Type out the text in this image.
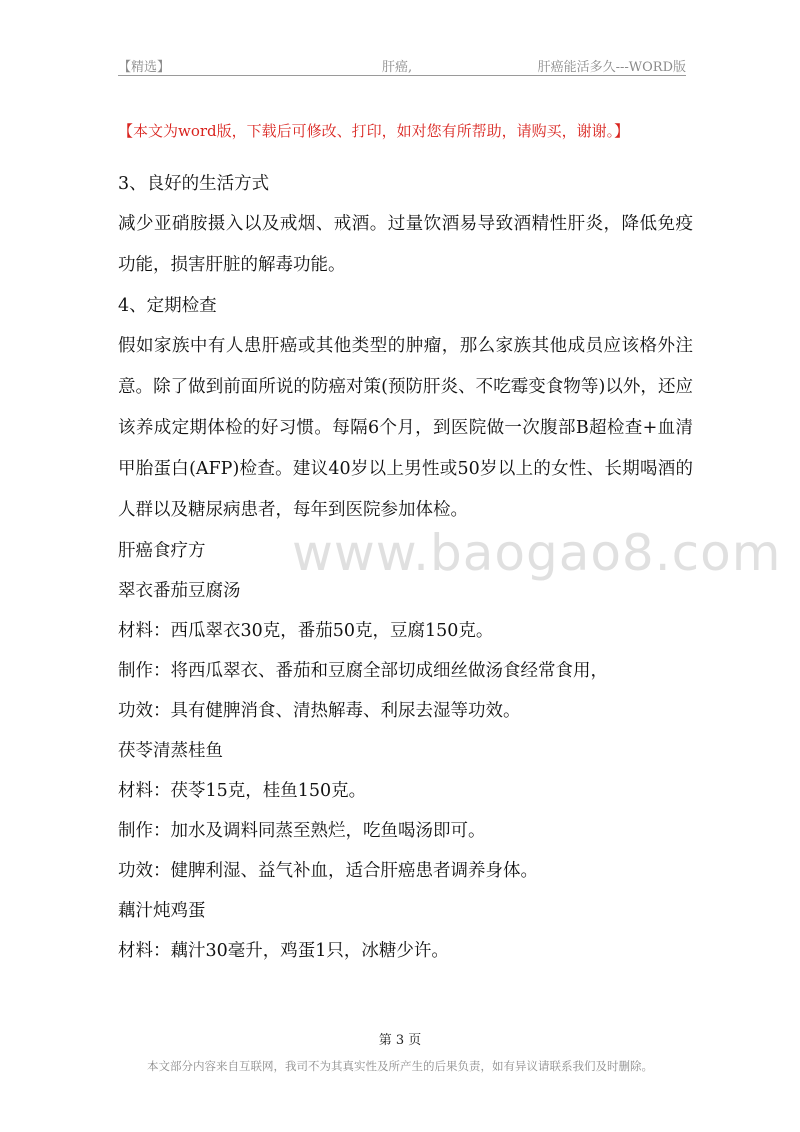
【精选】	肝癌,	肝癌能活多久---WORD版
【本文为word版，下载后可修改、打印，如对您有所帮助，请购买，谢谢。】
www.baogao8.com

3、良好的生活方式

减少亚硝胺摄入以及戒烟、戒酒。过量饮酒易导致酒精性肝炎，降低免疫功能，损害肝脏的解毒功能。

4、定期检查

假如家族中有人患肝癌或其他类型的肿瘤，那么家族其他成员应该格外注意。除了做到前面所说的防癌对策(预防肝炎、不吃霉变食物等)以外，还应该养成定期体检的好习惯。每隔6个月，到医院做一次腹部B超检查+血清甲胎蛋白(AFP)检查。建议40岁以上男性或50岁以上的女性、长期喝酒的人群以及糖尿病患者，每年到医院参加体检。

肝癌食疗方

翠衣番茄豆腐汤

材料：西瓜翠衣30克，番茄50克，豆腐150克。

制作：将西瓜翠衣、番茄和豆腐全部切成细丝做汤食经常食用，

功效：具有健脾消食、清热解毒、利尿去湿等功效。

茯苓清蒸桂鱼

材料：茯苓15克，桂鱼150克。

制作：加水及调料同蒸至熟烂，吃鱼喝汤即可。

功效：健脾利湿、益气补血，适合肝癌患者调养身体。

藕汁炖鸡蛋

材料：藕汁30毫升，鸡蛋1只，冰糖少许。

第 3 页
本文部分内容来自互联网，我司不为其真实性及所产生的后果负责，如有异议请联系我们及时删除。
